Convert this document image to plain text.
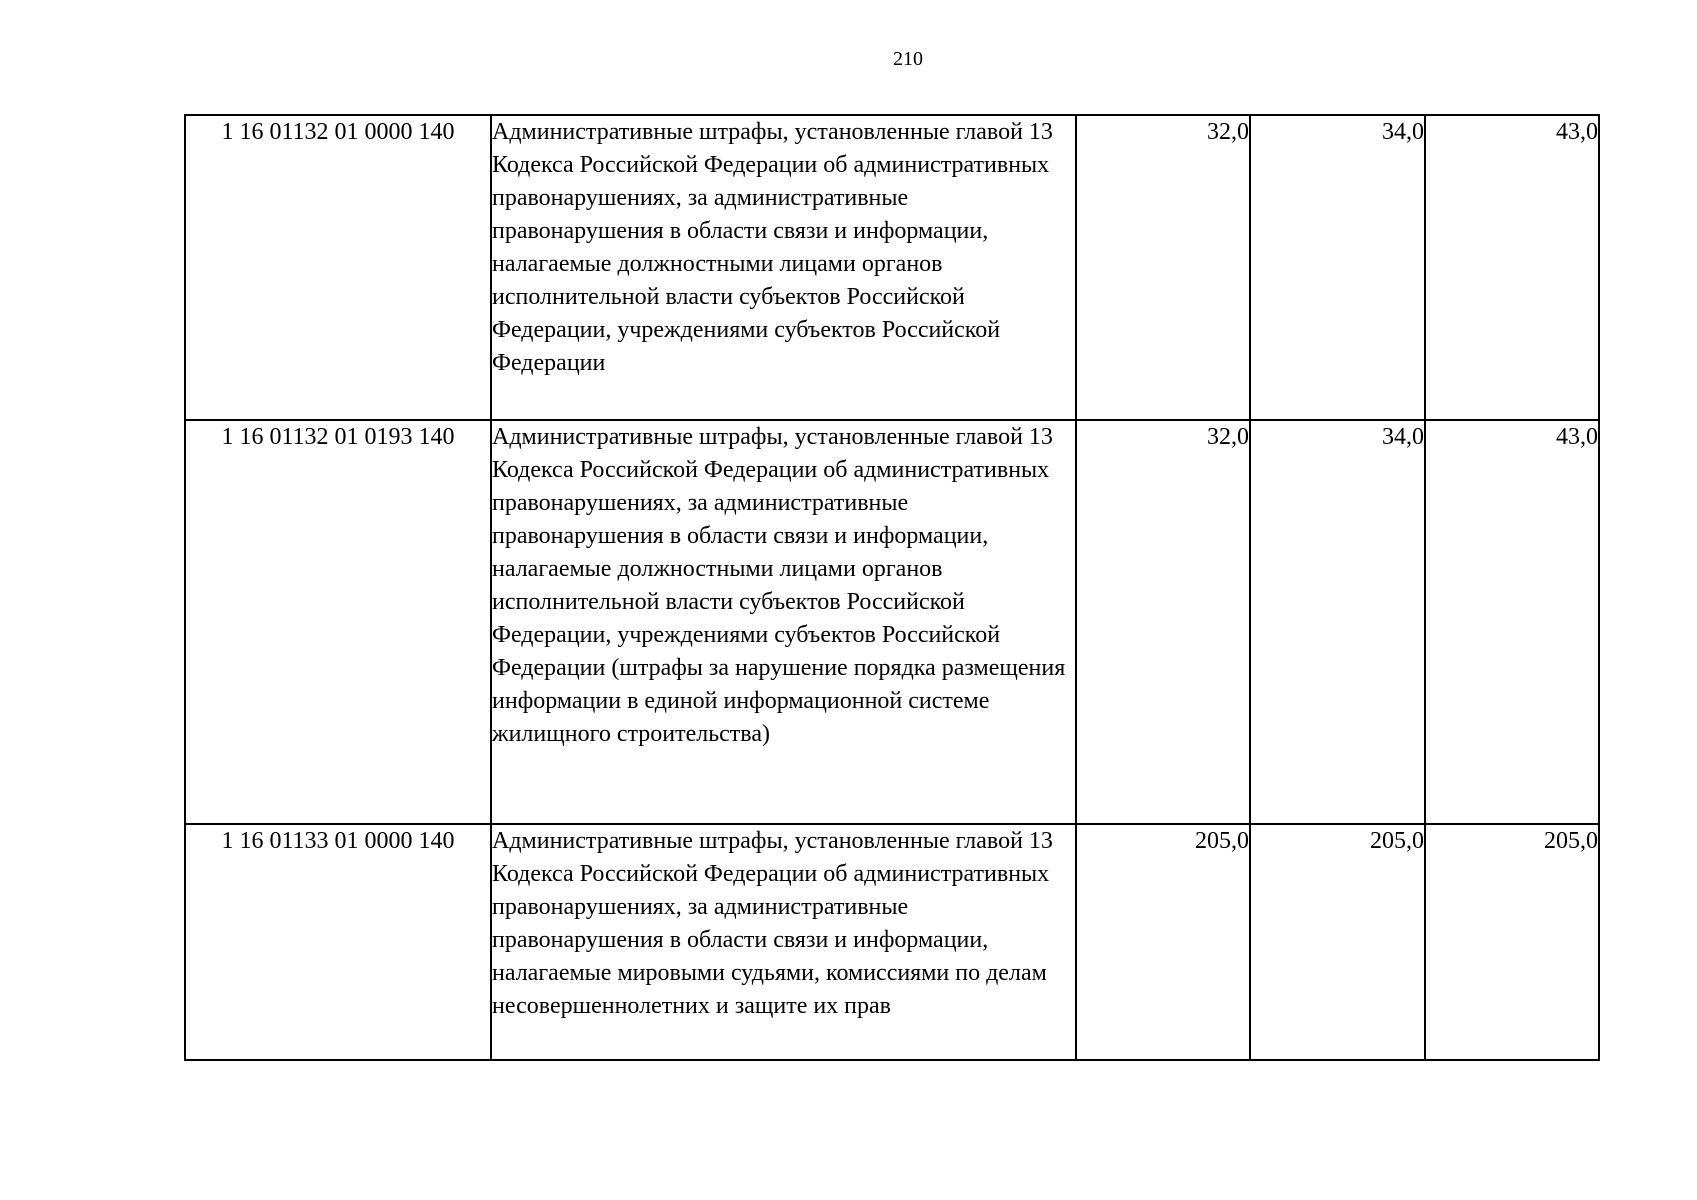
210
1 16 01132 01 0000 140	Административные штрафы, установленные главой 13 Кодекса Российской Федерации об административных правонарушениях, за административные правонарушения в области связи и информации, налагаемые должностными лицами органов исполнительной власти субъектов Российской Федерации, учреждениями субъектов Российской Федерации	32,0	34,0	43,0
1 16 01132 01 0193 140	Административные штрафы, установленные главой 13 Кодекса Российской Федерации об административных правонарушениях, за административные правонарушения в области связи и информации, налагаемые должностными лицами органов исполнительной власти субъектов Российской Федерации, учреждениями субъектов Российской Федерации (штрафы за нарушение порядка размещения информации в единой информационной системе жилищного строительства)	32,0	34,0	43,0
1 16 01133 01 0000 140	Административные штрафы, установленные главой 13 Кодекса Российской Федерации об административных правонарушениях, за административные правонарушения в области связи и информации, налагаемые мировыми судьями, комиссиями по делам несовершеннолетних и защите их прав	205,0	205,0	205,0
